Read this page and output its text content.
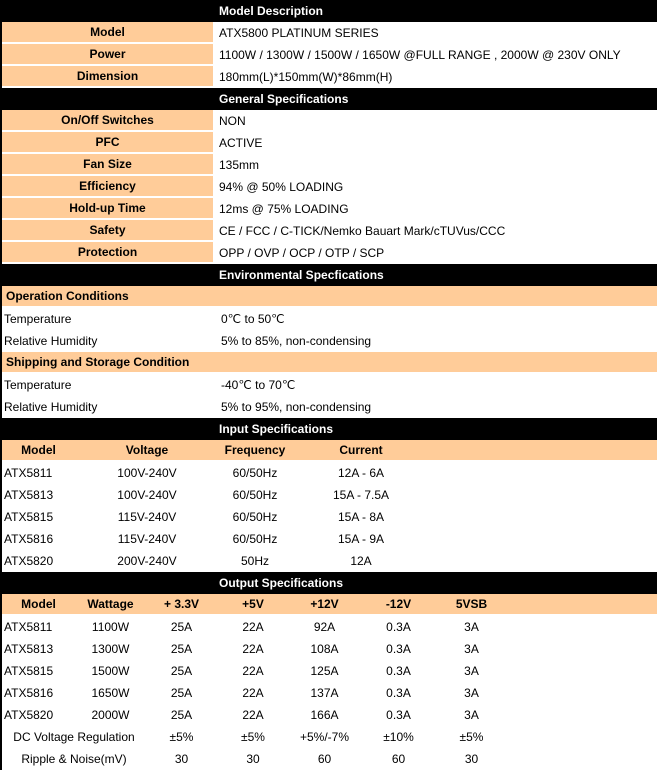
Model Description
Model	ATX5800 PLATINUM SERIES
Power	1100W / 1300W / 1500W / 1650W @FULL RANGE , 2000W @ 230V ONLY
Dimension	180mm(L)*150mm(W)*86mm(H)
General Specifications
On/Off Switches	NON
PFC	ACTIVE
Fan Size	135mm
Efficiency	94% @ 50% LOADING
Hold-up Time	12ms @ 75% LOADING
Safety	CE / FCC / C-TICK/Nemko Bauart Mark/cTUVus/CCC
Protection	OPP / OVP / OCP / OTP / SCP
Environmental Specfications
Operation Conditions
Temperature	0℃ to 50℃
Relative Humidity	5% to 85%, non-condensing
Shipping and Storage Condition
Temperature	-40℃ to 70℃
Relative Humidity	5% to 95%, non-condensing
Input Specifications
Model	Voltage	Frequency	Current
ATX5811	100V-240V	60/50Hz	12A - 6A
ATX5813	100V-240V	60/50Hz	15A - 7.5A
ATX5815	115V-240V	60/50Hz	15A - 8A
ATX5816	115V-240V	60/50Hz	15A - 9A
ATX5820	200V-240V	50Hz	12A
Output Specifications
Model	Wattage	+ 3.3V	+5V	+12V	-12V	5VSB
ATX5811	1100W	25A	22A	92A	0.3A	3A
ATX5813	1300W	25A	22A	108A	0.3A	3A
ATX5815	1500W	25A	22A	125A	0.3A	3A
ATX5816	1650W	25A	22A	137A	0.3A	3A
ATX5820	2000W	25A	22A	166A	0.3A	3A
DC Voltage Regulation	±5%	±5%	+5%/-7%	±10%	±5%
Ripple & Noise(mV)	30	30	60	60	30
